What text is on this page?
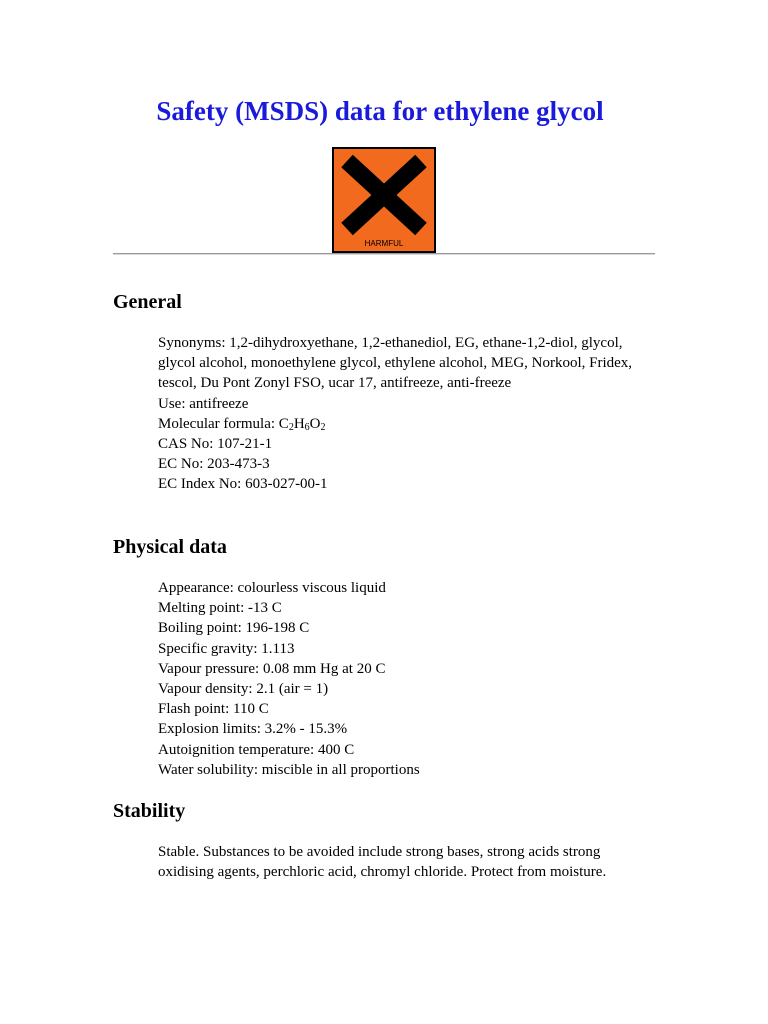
Safety (MSDS) data for ethylene glycol
HARMFUL
General
Synonyms: 1,2-dihydroxyethane, 1,2-ethanediol, EG, ethane-1,2-diol, glycol, glycol alcohol, monoethylene glycol, ethylene alcohol, MEG, Norkool, Fridex, tescol, Du Pont Zonyl FSO, ucar 17, antifreeze, anti-freeze
Use: antifreeze
Molecular formula: $C_2H_6O_2$
CAS No: 107-21-1
EC No: 203-473-3
EC Index No: 603-027-00-1
Physical data
Appearance: colourless viscous liquid
Melting point: -13 C
Boiling point: 196-198 C
Specific gravity: 1.113
Vapour pressure: 0.08 mm Hg at 20 C
Vapour density: 2.1 (air = 1)
Flash point: 110 C
Explosion limits: 3.2% - 15.3%
Autoignition temperature: 400 C
Water solubility: miscible in all proportions
Stability
Stable. Substances to be avoided include strong bases, strong acids strong oxidising agents, perchloric acid, chromyl chloride. Protect from moisture.
